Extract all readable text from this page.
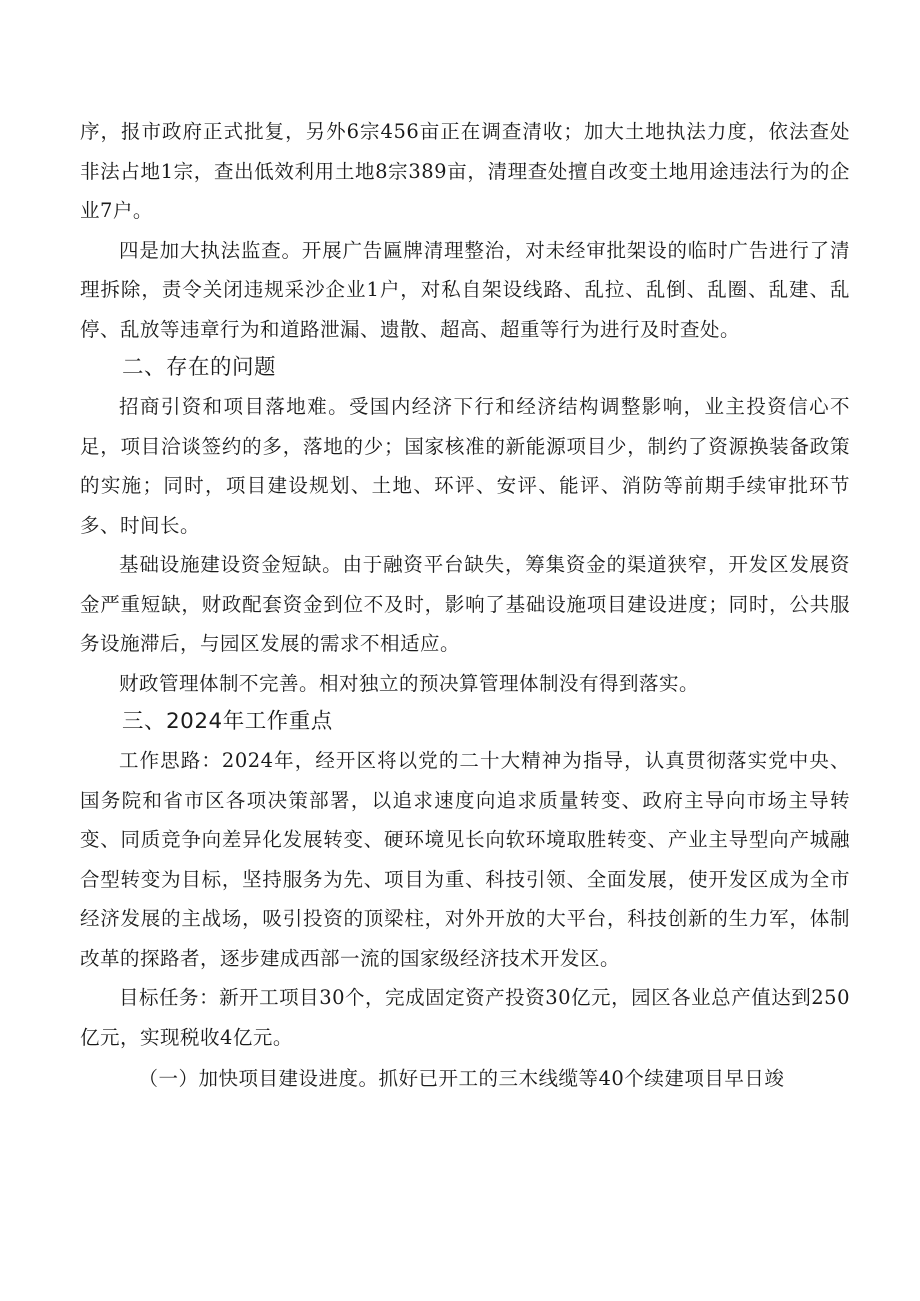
序，报市政府正式批复，另外6宗456亩正在调查清收；加大土地执法力度，依法查处非法占地1宗，查出低效利用土地8宗389亩，清理查处擅自改变土地用途违法行为的企业7户。

四是加大执法监查。开展广告匾牌清理整治，对未经审批架设的临时广告进行了清理拆除，责令关闭违规采沙企业1户，对私自架设线路、乱拉、乱倒、乱圈、乱建、乱停、乱放等违章行为和道路泄漏、遗散、超高、超重等行为进行及时查处。

二、存在的问题

招商引资和项目落地难。受国内经济下行和经济结构调整影响，业主投资信心不足，项目洽谈签约的多，落地的少；国家核准的新能源项目少，制约了资源换装备政策的实施；同时，项目建设规划、土地、环评、安评、能评、消防等前期手续审批环节多、时间长。

基础设施建设资金短缺。由于融资平台缺失，筹集资金的渠道狭窄，开发区发展资金严重短缺，财政配套资金到位不及时，影响了基础设施项目建设进度；同时，公共服务设施滞后，与园区发展的需求不相适应。

财政管理体制不完善。相对独立的预决算管理体制没有得到落实。

三、2024年工作重点

工作思路：2024年，经开区将以党的二十大精神为指导，认真贯彻落实党中央、国务院和省市区各项决策部署，以追求速度向追求质量转变、政府主导向市场主导转变、同质竞争向差异化发展转变、硬环境见长向软环境取胜转变、产业主导型向产城融合型转变为目标，坚持服务为先、项目为重、科技引领、全面发展，使开发区成为全市经济发展的主战场，吸引投资的顶梁柱，对外开放的大平台，科技创新的生力军，体制改革的探路者，逐步建成西部一流的国家级经济技术开发区。

目标任务：新开工项目30个，完成固定资产投资30亿元，园区各业总产值达到250亿元，实现税收4亿元。

（一）加快项目建设进度。抓好已开工的三木线缆等40个续建项目早日竣
